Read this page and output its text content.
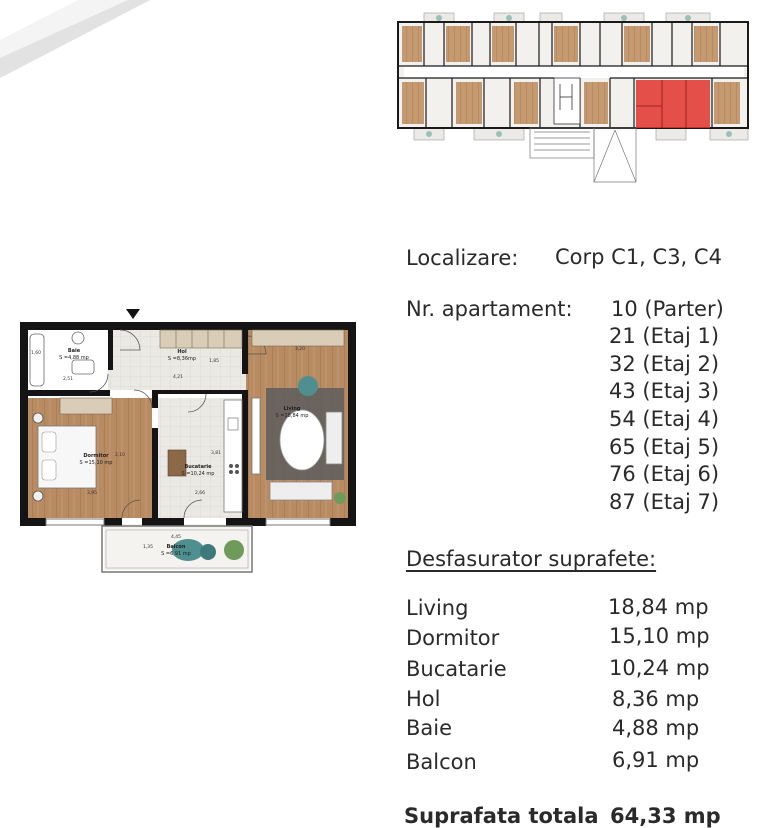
Baie
S =4,88 mp
Hol
S =8,36mp
Living
S =18,84 mp
Dormitor
S =15,10 mp
Bucatarie
S =10,24 mp
Balcon
S =6,91 mp
2,51	4,21
3,20
1,85
3,81
3,95	2,66
4,45
1,35
1,60
2,10
Localizare: Corp C1, C3, C4
Nr. apartament: 10 (Parter)
21 (Etaj 1)
32 (Etaj 2)
43 (Etaj 3)
54 (Etaj 4)
65 (Etaj 5)
76 (Etaj 6)
87 (Etaj 7)
Desfasurator suprafete:
Living	18,84 mp
Dormitor	15,10 mp
Bucatarie	10,24 mp
Hol	8,36 mp
Baie	4,88 mp
Balcon	6,91 mp
Suprafata totala 64,33 mp
